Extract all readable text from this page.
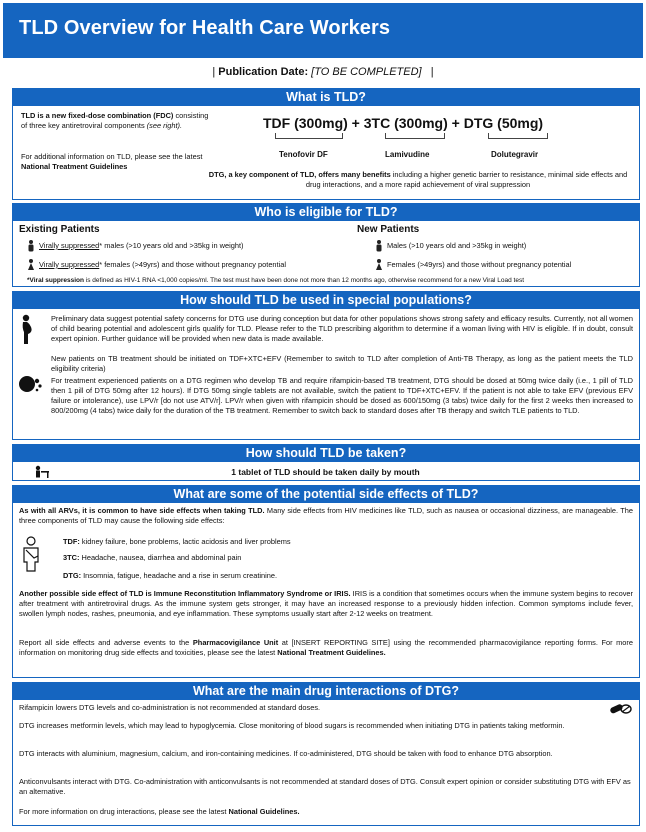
TLD Overview for Health Care Workers
| Publication Date: [TO BE COMPLETED] |
What is TLD?
TLD is a new fixed-dose combination (FDC) consisting of three key antiretroviral components (see right).
For additional information on TLD, please see the latest National Treatment Guidelines
TDF (300mg) + 3TC (300mg) + DTG (50mg)
Tenofovir DF	Lamivudine	Dolutegravir
DTG, a key component of TLD, offers many benefits including a higher genetic barrier to resistance, minimal side effects and drug interactions, and a more rapid achievement of viral suppression
Who is eligible for TLD?
Existing Patients	New Patients
Virally suppressed* males (>10 years old and >35kg in weight)
Virally suppressed* females (>49yrs) and those without pregnancy potential
Males (>10 years old and >35kg in weight)
Females (>49yrs) and those without pregnancy potential
*Viral suppression is defined as HIV-1 RNA <1,000 copies/ml. The test must have been done not more than 12 months ago, otherwise recommend for a new Viral Load test
How should TLD be used in special populations?
Preliminary data suggest potential safety concerns for DTG use during conception but data for other populations shows strong safety and efficacy results. Currently, not all women of child bearing potential and adolescent girls qualify for TLD. Please refer to the TLD prescribing algorithm to determine if a woman living with HIV is eligible. If in doubt, consult expert opinion. Further guidance will be provided when new data is made available.
New patients on TB treatment should be initiated on TDF+XTC+EFV (Remember to switch to TLD after completion of Anti-TB Therapy, as long as the patient meets the TLD eligibility criteria)
For treatment experienced patients on a DTG regimen who develop TB and require rifampicin-based TB treatment, DTG should be dosed at 50mg twice daily (i.e., 1 pill of TLD then 1 pill of DTG 50mg after 12 hours). If DTG 50mg single tablets are not available, switch the patient to TDF+XTC+EFV. If the patient is not able to take EFV (previous EFV failure or intolerance), use LPV/r [do not use ATV/r]. LPV/r when given with rifampicin should be dosed as 600/150mg (3 tabs) twice daily for the first 2 weeks then increased to 800/200mg (4 tabs) twice daily for the duration of the TB treatment. Remember to switch back to standard doses after TB therapy and switch TLE patients to TLD.
How should TLD be taken?
1 tablet of TLD should be taken daily by mouth
What are some of the potential side effects of TLD?
As with all ARVs, it is common to have side effects when taking TLD. Many side effects from HIV medicines like TLD, such as nausea or occasional dizziness, are manageable. The three components of TLD may cause the following side effects:
TDF: kidney failure, bone problems, lactic acidosis and liver problems
3TC: Headache, nausea, diarrhea and abdominal pain
DTG: Insomnia, fatigue, headache and a rise in serum creatinine.
Another possible side effect of TLD is Immune Reconstitution Inflammatory Syndrome or IRIS. IRIS is a condition that sometimes occurs when the immune system begins to recover after treatment with antiretroviral drugs. As the immune system gets stronger, it may have an increased response to a previously hidden infection. Common symptoms include fever, swollen lymph nodes, rashes, pneumonia, and eye inflammation. These symptoms usually start after 2-12 weeks on treatment.
Report all side effects and adverse events to the Pharmacovigilance Unit at [INSERT REPORTING SITE] using the recommended pharmacovigilance reporting forms. For more information on monitoring drug side effects and toxicities, please see the latest National Treatment Guidelines.
What are the main drug interactions of DTG?
Rifampicin lowers DTG levels and co-administration is not recommended at standard doses.
DTG increases metformin levels, which may lead to hypoglycemia. Close monitoring of blood sugars is recommended when initiating DTG in patients taking metformin.
DTG interacts with aluminium, magnesium, calcium, and iron-containing medicines. If co-administered, DTG should be taken with food to enhance DTG absorption.
Anticonvulsants interact with DTG. Co-administration with anticonvulsants is not recommended at standard doses of DTG. Consult expert opinion or consider substituting DTG with EFV as an alternative.
For more information on drug interactions, please see the latest National Guidelines.
